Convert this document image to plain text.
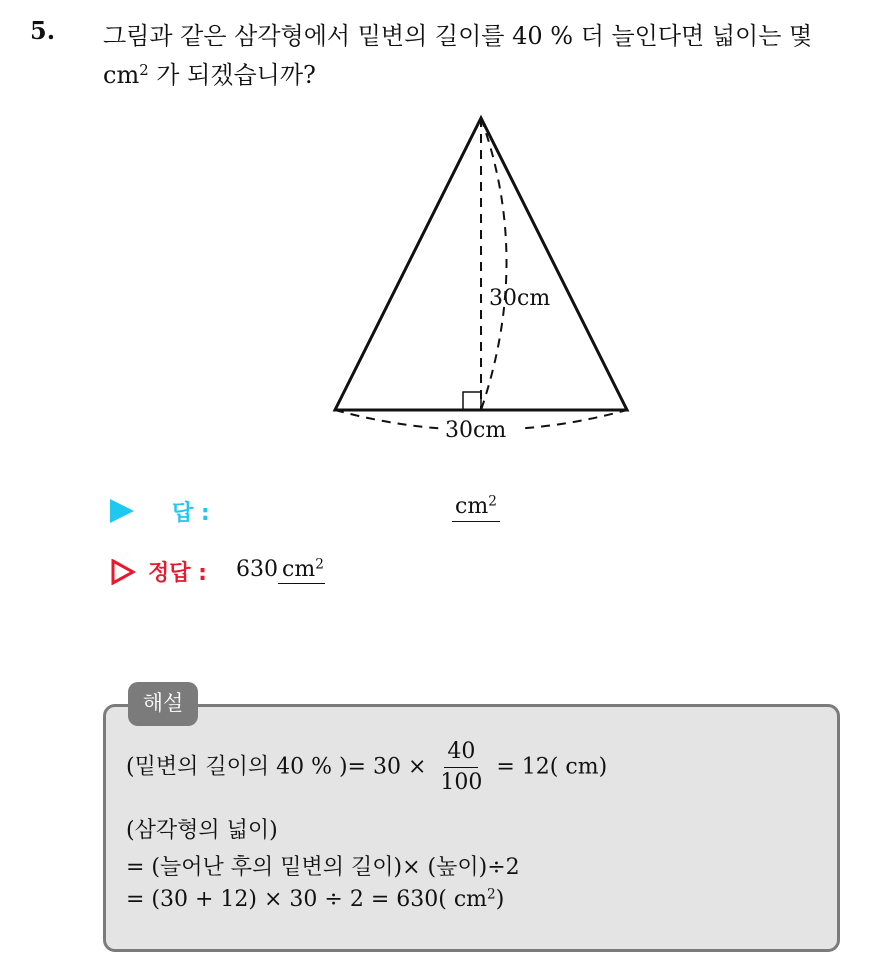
5. 그림과 같은 삼각형에서 밑변의 길이를 40 % 더 늘인다면 넓이는 몇
$cm^2$ 가 되겠습니까?
30cm
30cm
답 :	$cm^2$
정답 : 630 $cm^2$
해설
(밑변의 길이의 40 % )= $30 \times \frac{40}{100} = 12$( cm)
(삼각형의 넓이)
= (늘어난 후의 밑변의 길이)× (높이)÷2
= (30 + 12) × 30 ÷ 2 = 630( $cm^2$)
